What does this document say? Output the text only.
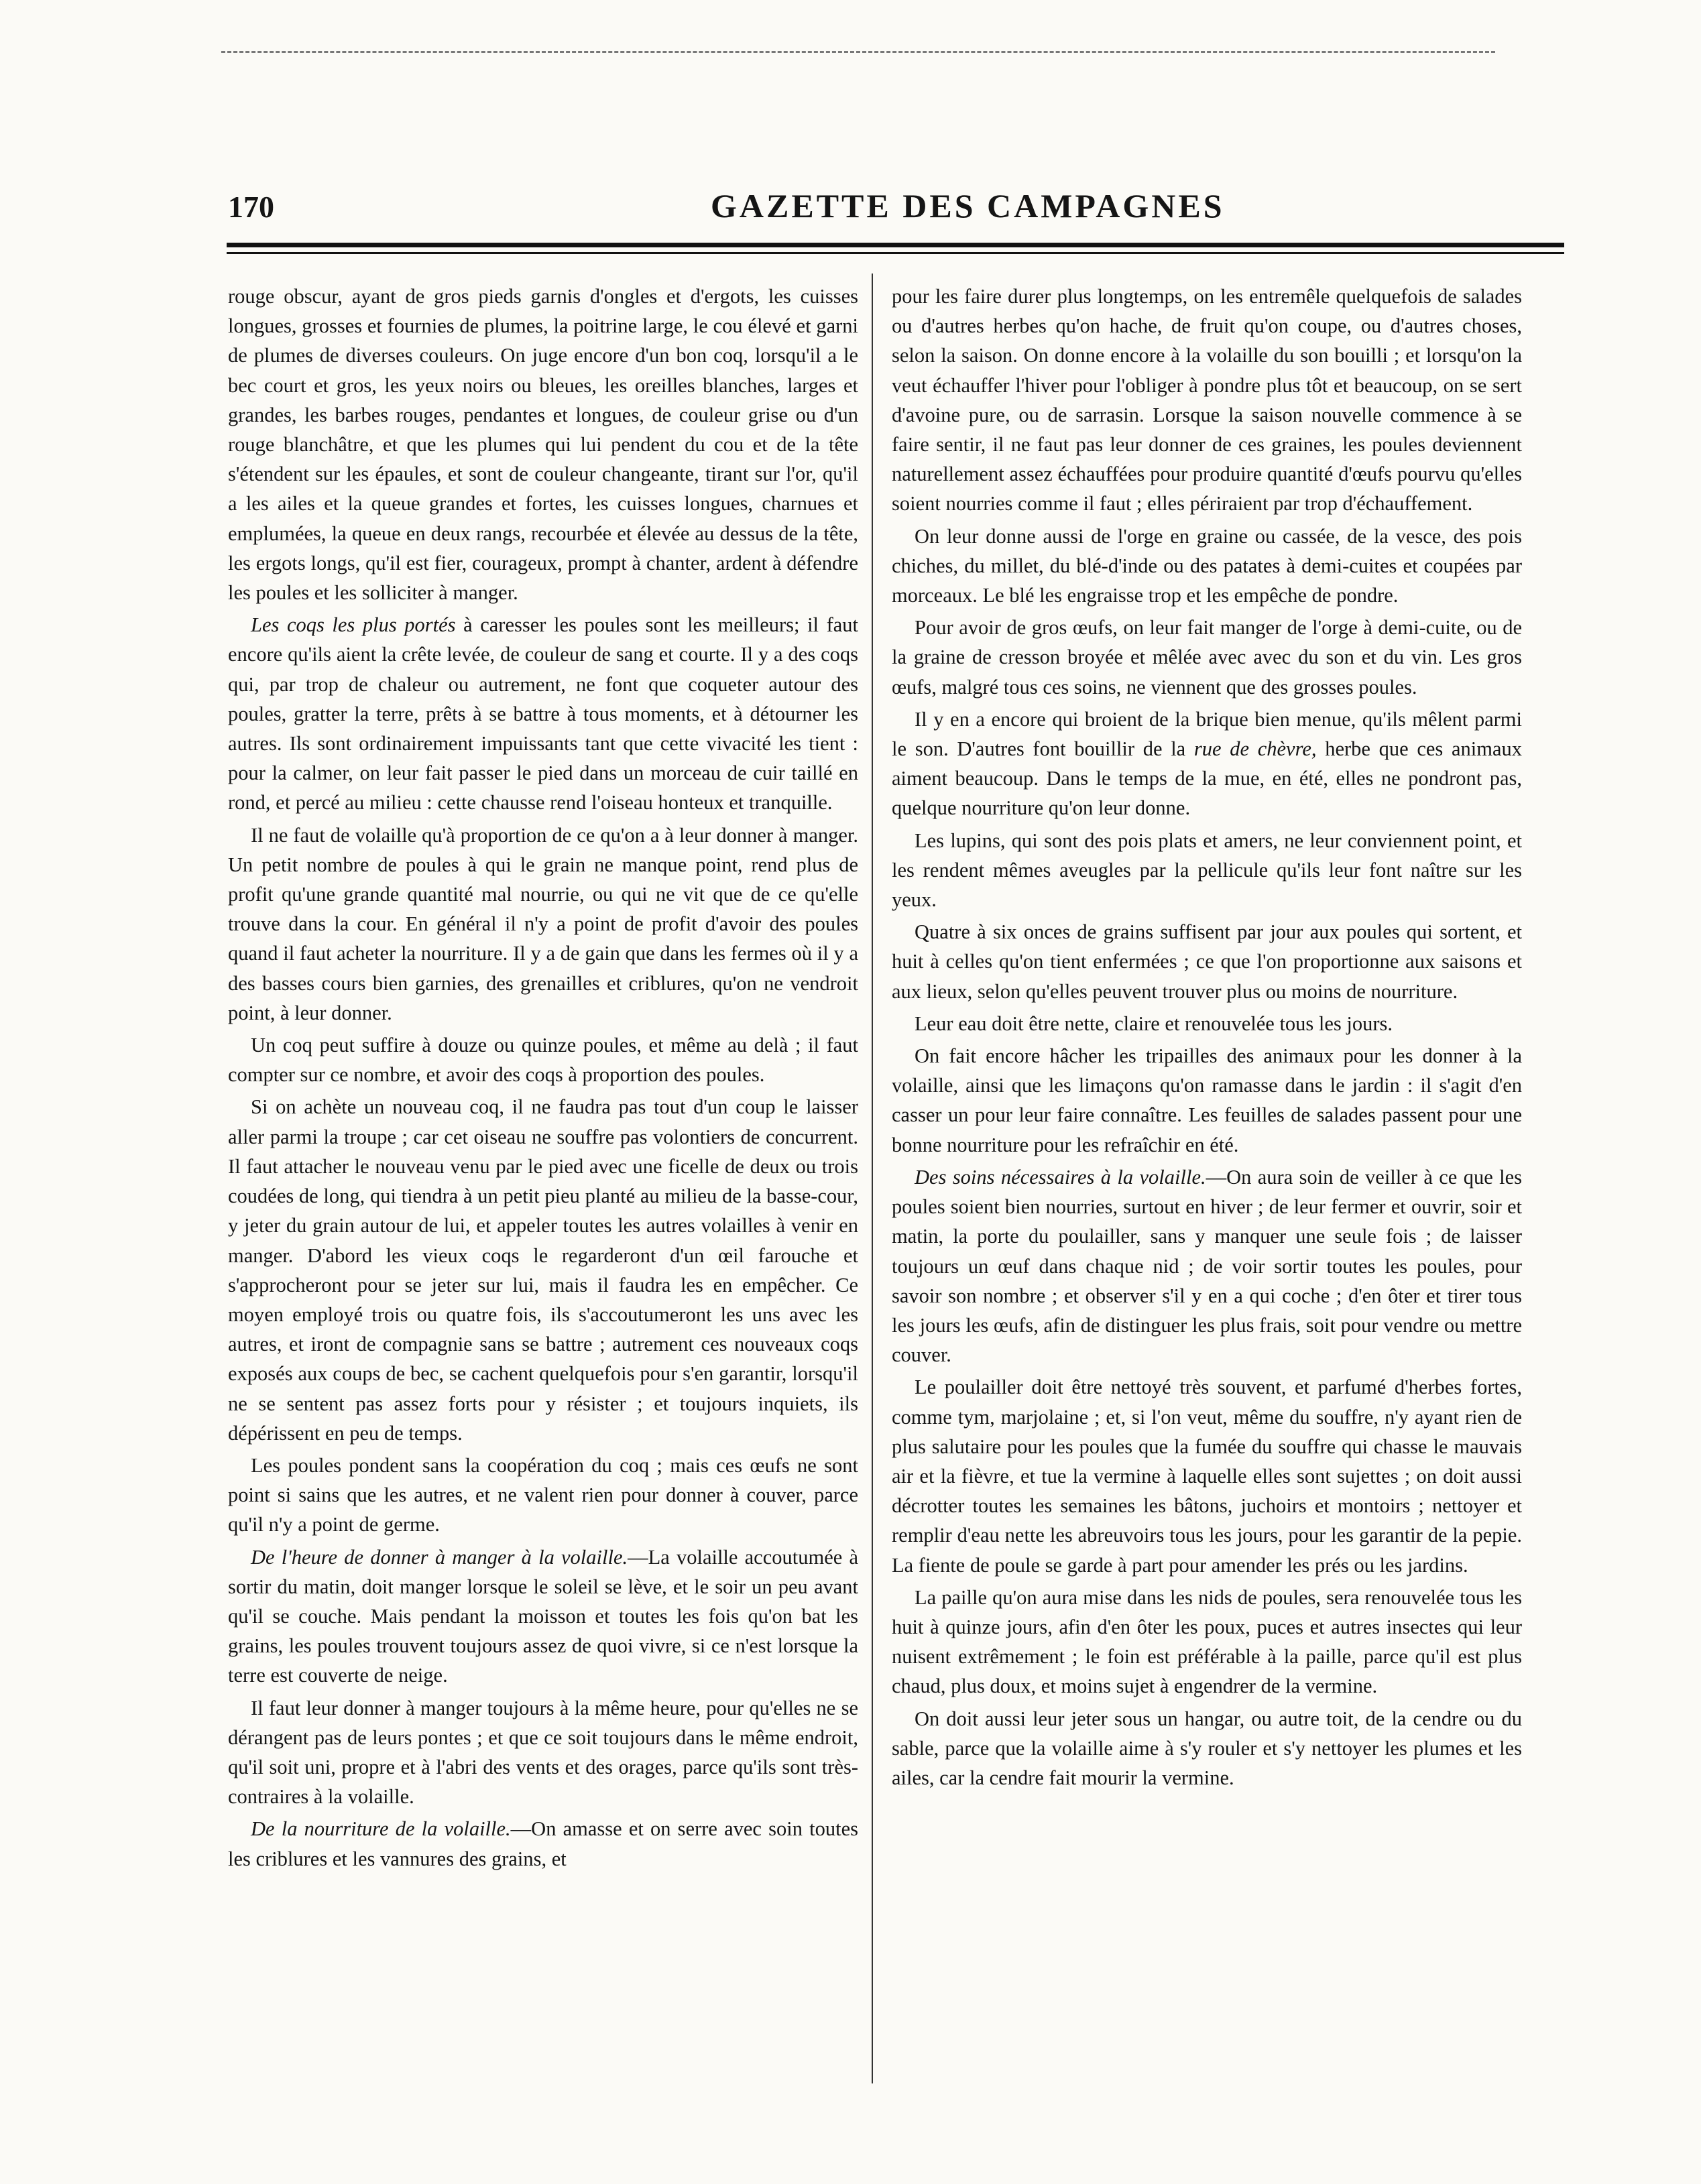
170	GAZETTE DES CAMPAGNES

rouge obscur, ayant de gros pieds garnis d'ongles et d'ergots, les cuisses longues, grosses et fournies de plumes, la poitrine large, le cou élevé et garni de plumes de diverses couleurs. On juge encore d'un bon coq, lorsqu'il a le bec court et gros, les yeux noirs ou bleues, les oreilles blanches, larges et grandes, les barbes rouges, pendantes et longues, de couleur grise ou d'un rouge blanchâtre, et que les plumes qui lui pendent du cou et de la tête s'étendent sur les épaules, et sont de couleur changeante, tirant sur l'or, qu'il a les ailes et la queue grandes et fortes, les cuisses longues, charnues et emplumées, la queue en deux rangs, recourbée et élevée au dessus de la tête, les ergots longs, qu'il est fier, courageux, prompt à chanter, ardent à défendre les poules et les solliciter à manger.

Les coqs les plus portés à caresser les poules sont les meilleurs; il faut encore qu'ils aient la crête levée, de couleur de sang et courte. Il y a des coqs qui, par trop de chaleur ou autrement, ne font que coqueter autour des poules, gratter la terre, prêts à se battre à tous moments, et à détourner les autres. Ils sont ordinairement impuissants tant que cette vivacité les tient : pour la calmer, on leur fait passer le pied dans un morceau de cuir taillé en rond, et percé au milieu : cette chausse rend l'oiseau honteux et tranquille.

Il ne faut de volaille qu'à proportion de ce qu'on a à leur donner à manger. Un petit nombre de poules à qui le grain ne manque point, rend plus de profit qu'une grande quantité mal nourrie, ou qui ne vit que de ce qu'elle trouve dans la cour. En général il n'y a point de profit d'avoir des poules quand il faut acheter la nourriture. Il y a de gain que dans les fermes où il y a des basses cours bien garnies, des grenailles et criblures, qu'on ne vendroit point, à leur donner.

Un coq peut suffire à douze ou quinze poules, et même au delà ; il faut compter sur ce nombre, et avoir des coqs à proportion des poules.

Si on achète un nouveau coq, il ne faudra pas tout d'un coup le laisser aller parmi la troupe ; car cet oiseau ne souffre pas volontiers de concurrent. Il faut attacher le nouveau venu par le pied avec une ficelle de deux ou trois coudées de long, qui tiendra à un petit pieu planté au milieu de la basse-cour, y jeter du grain autour de lui, et appeler toutes les autres volailles à venir en manger. D'abord les vieux coqs le regarderont d'un œil farouche et s'approcheront pour se jeter sur lui, mais il faudra les en empêcher. Ce moyen employé trois ou quatre fois, ils s'accoutumeront les uns avec les autres, et iront de compagnie sans se battre ; autrement ces nouveaux coqs exposés aux coups de bec, se cachent quelquefois pour s'en garantir, lorsqu'il ne se sentent pas assez forts pour y résister ; et toujours inquiets, ils dépérissent en peu de temps.

Les poules pondent sans la coopération du coq ; mais ces œufs ne sont point si sains que les autres, et ne valent rien pour donner à couver, parce qu'il n'y a point de germe.

De l'heure de donner à manger à la volaille.—La volaille accoutumée à sortir du matin, doit manger lorsque le soleil se lève, et le soir un peu avant qu'il se couche. Mais pendant la moisson et toutes les fois qu'on bat les grains, les poules trouvent toujours assez de quoi vivre, si ce n'est lorsque la terre est couverte de neige.

Il faut leur donner à manger toujours à la même heure, pour qu'elles ne se dérangent pas de leurs pontes ; et que ce soit toujours dans le même endroit, qu'il soit uni, propre et à l'abri des vents et des orages, parce qu'ils sont très-contraires à la volaille.

De la nourriture de la volaille.—On amasse et on serre avec soin toutes les criblures et les vannures des grains, et

pour les faire durer plus longtemps, on les entremêle quelquefois de salades ou d'autres herbes qu'on hache, de fruit qu'on coupe, ou d'autres choses, selon la saison. On donne encore à la volaille du son bouilli ; et lorsqu'on la veut échauffer l'hiver pour l'obliger à pondre plus tôt et beaucoup, on se sert d'avoine pure, ou de sarrasin. Lorsque la saison nouvelle commence à se faire sentir, il ne faut pas leur donner de ces graines, les poules deviennent naturellement assez échauffées pour produire quantité d'œufs pourvu qu'elles soient nourries comme il faut ; elles périraient par trop d'échauffement.

On leur donne aussi de l'orge en graine ou cassée, de la vesce, des pois chiches, du millet, du blé-d'inde ou des patates à demi-cuites et coupées par morceaux. Le blé les engraisse trop et les empêche de pondre.

Pour avoir de gros œufs, on leur fait manger de l'orge à demi-cuite, ou de la graine de cresson broyée et mêlée avec avec du son et du vin. Les gros œufs, malgré tous ces soins, ne viennent que des grosses poules.

Il y en a encore qui broient de la brique bien menue, qu'ils mêlent parmi le son. D'autres font bouillir de la rue de chèvre, herbe que ces animaux aiment beaucoup. Dans le temps de la mue, en été, elles ne pondront pas, quelque nourriture qu'on leur donne.

Les lupins, qui sont des pois plats et amers, ne leur conviennent point, et les rendent mêmes aveugles par la pellicule qu'ils leur font naître sur les yeux.

Quatre à six onces de grains suffisent par jour aux poules qui sortent, et huit à celles qu'on tient enfermées ; ce que l'on proportionne aux saisons et aux lieux, selon qu'elles peuvent trouver plus ou moins de nourriture.

Leur eau doit être nette, claire et renouvelée tous les jours.

On fait encore hâcher les tripailles des animaux pour les donner à la volaille, ainsi que les limaçons qu'on ramasse dans le jardin : il s'agit d'en casser un pour leur faire connaître. Les feuilles de salades passent pour une bonne nourriture pour les refraîchir en été.

Des soins nécessaires à la volaille.—On aura soin de veiller à ce que les poules soient bien nourries, surtout en hiver ; de leur fermer et ouvrir, soir et matin, la porte du poulailler, sans y manquer une seule fois ; de laisser toujours un œuf dans chaque nid ; de voir sortir toutes les poules, pour savoir son nombre ; et observer s'il y en a qui coche ; d'en ôter et tirer tous les jours les œufs, afin de distinguer les plus frais, soit pour vendre ou mettre couver.

Le poulailler doit être nettoyé très souvent, et parfumé d'herbes fortes, comme tym, marjolaine ; et, si l'on veut, même du souffre, n'y ayant rien de plus salutaire pour les poules que la fumée du souffre qui chasse le mauvais air et la fièvre, et tue la vermine à laquelle elles sont sujettes ; on doit aussi décrotter toutes les semaines les bâtons, juchoirs et montoirs ; nettoyer et remplir d'eau nette les abreuvoirs tous les jours, pour les garantir de la pepie. La fiente de poule se garde à part pour amender les prés ou les jardins.

La paille qu'on aura mise dans les nids de poules, sera renouvelée tous les huit à quinze jours, afin d'en ôter les poux, puces et autres insectes qui leur nuisent extrêmement ; le foin est préférable à la paille, parce qu'il est plus chaud, plus doux, et moins sujet à engendrer de la vermine.

On doit aussi leur jeter sous un hangar, ou autre toit, de la cendre ou du sable, parce que la volaille aime à s'y rouler et s'y nettoyer les plumes et les ailes, car la cendre fait mourir la vermine.
